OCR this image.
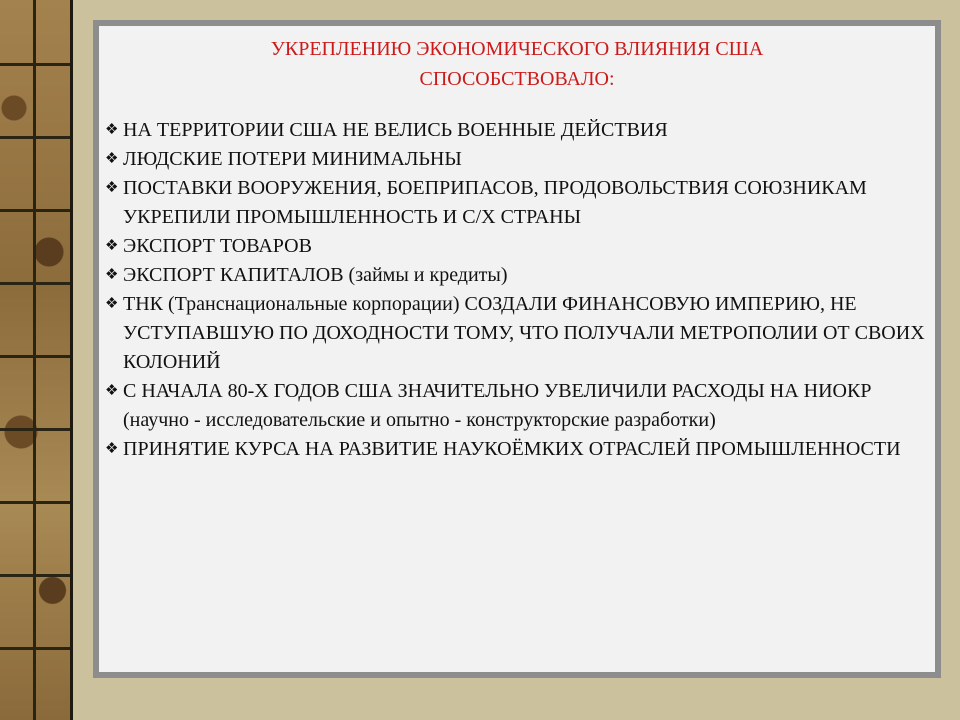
УКРЕПЛЕНИЮ ЭКОНОМИЧЕСКОГО ВЛИЯНИЯ США
СПОСОБСТВОВАЛО:
❖ НА ТЕРРИТОРИИ США НЕ ВЕЛИСЬ ВОЕННЫЕ ДЕЙСТВИЯ
❖ ЛЮДСКИЕ ПОТЕРИ МИНИМАЛЬНЫ
❖ ПОСТАВКИ ВООРУЖЕНИЯ, БОЕПРИПАСОВ, ПРОДОВОЛЬСТВИЯ СОЮЗНИКАМ УКРЕПИЛИ ПРОМЫШЛЕННОСТЬ И С/Х СТРАНЫ
❖ ЭКСПОРТ ТОВАРОВ
❖ ЭКСПОРТ КАПИТАЛОВ (займы и кредиты)
❖ ТНК (Транснациональные корпорации) СОЗДАЛИ ФИНАНСОВУЮ ИМПЕРИЮ, НЕ УСТУПАВШУЮ ПО ДОХОДНОСТИ ТОМУ, ЧТО ПОЛУЧАЛИ МЕТРОПОЛИИ ОТ СВОИХ КОЛОНИЙ
❖ С НАЧАЛА 80-Х ГОДОВ США ЗНАЧИТЕЛЬНО УВЕЛИЧИЛИ РАСХОДЫ НА НИОКР (научно - исследовательские и опытно - конструкторские разработки)
❖ ПРИНЯТИЕ КУРСА НА РАЗВИТИЕ НАУКОЁМКИХ ОТРАСЛЕЙ ПРОМЫШЛЕННОСТИ
